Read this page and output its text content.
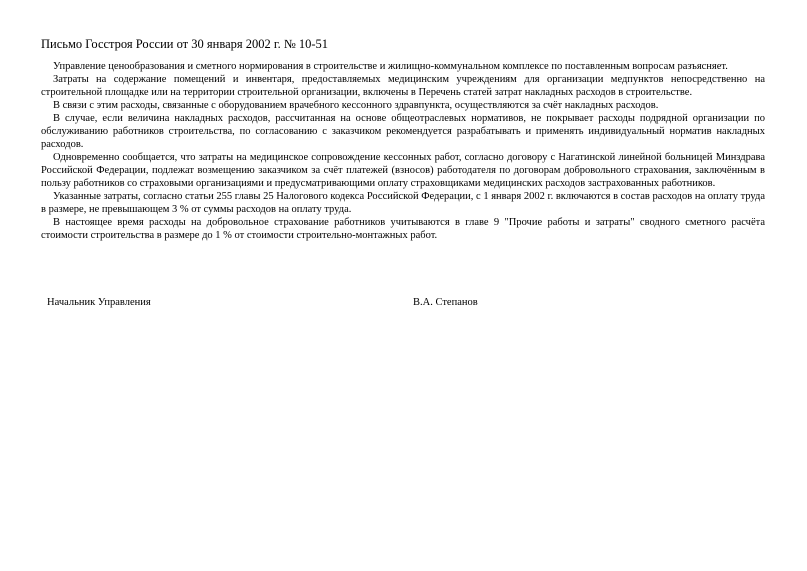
Письмо Госстроя России от 30 января 2002 г. № 10-51

Управление ценообразования и сметного нормирования в строительстве и жилищно-коммунальном комплексе по поставленным вопросам разъясняет.

Затраты на содержание помещений и инвентаря, предоставляемых медицинским учреждениям для организации медпунктов непосредственно на строительной площадке или на территории строительной организации, включены в Перечень статей затрат накладных расходов в строительстве.

В связи с этим расходы, связанные с оборудованием врачебного кессонного здравпункта, осуществляются за счёт накладных расходов.

В случае, если величина накладных расходов, рассчитанная на основе общеотраслевых нормативов, не покрывает расходы подрядной организации по обслуживанию работников строительства, по согласованию с заказчиком рекомендуется разрабатывать и применять индивидуальный норматив накладных расходов.

Одновременно сообщается, что затраты на медицинское сопровождение кессонных работ, согласно договору с Нагатинской линейной больницей Минздрава Российской Федерации, подлежат возмещению заказчиком за счёт платежей (взносов) работодателя по договорам добровольного страхования, заключённым в пользу работников со страховыми организациями и предусматривающими оплату страховщиками медицинских расходов застрахованных работников.

Указанные затраты, согласно статьи 255 главы 25 Налогового кодекса Российской Федерации, с 1 января 2002 г. включаются в состав расходов на оплату труда в размере, не превышающем 3 % от суммы расходов на оплату труда.

В настоящее время расходы на добровольное страхование работников учитываются в главе 9 "Прочие работы и затраты" сводного сметного расчёта стоимости строительства в размере до 1 % от стоимости строительно-монтажных работ.

Начальник Управления	В.А. Степанов
